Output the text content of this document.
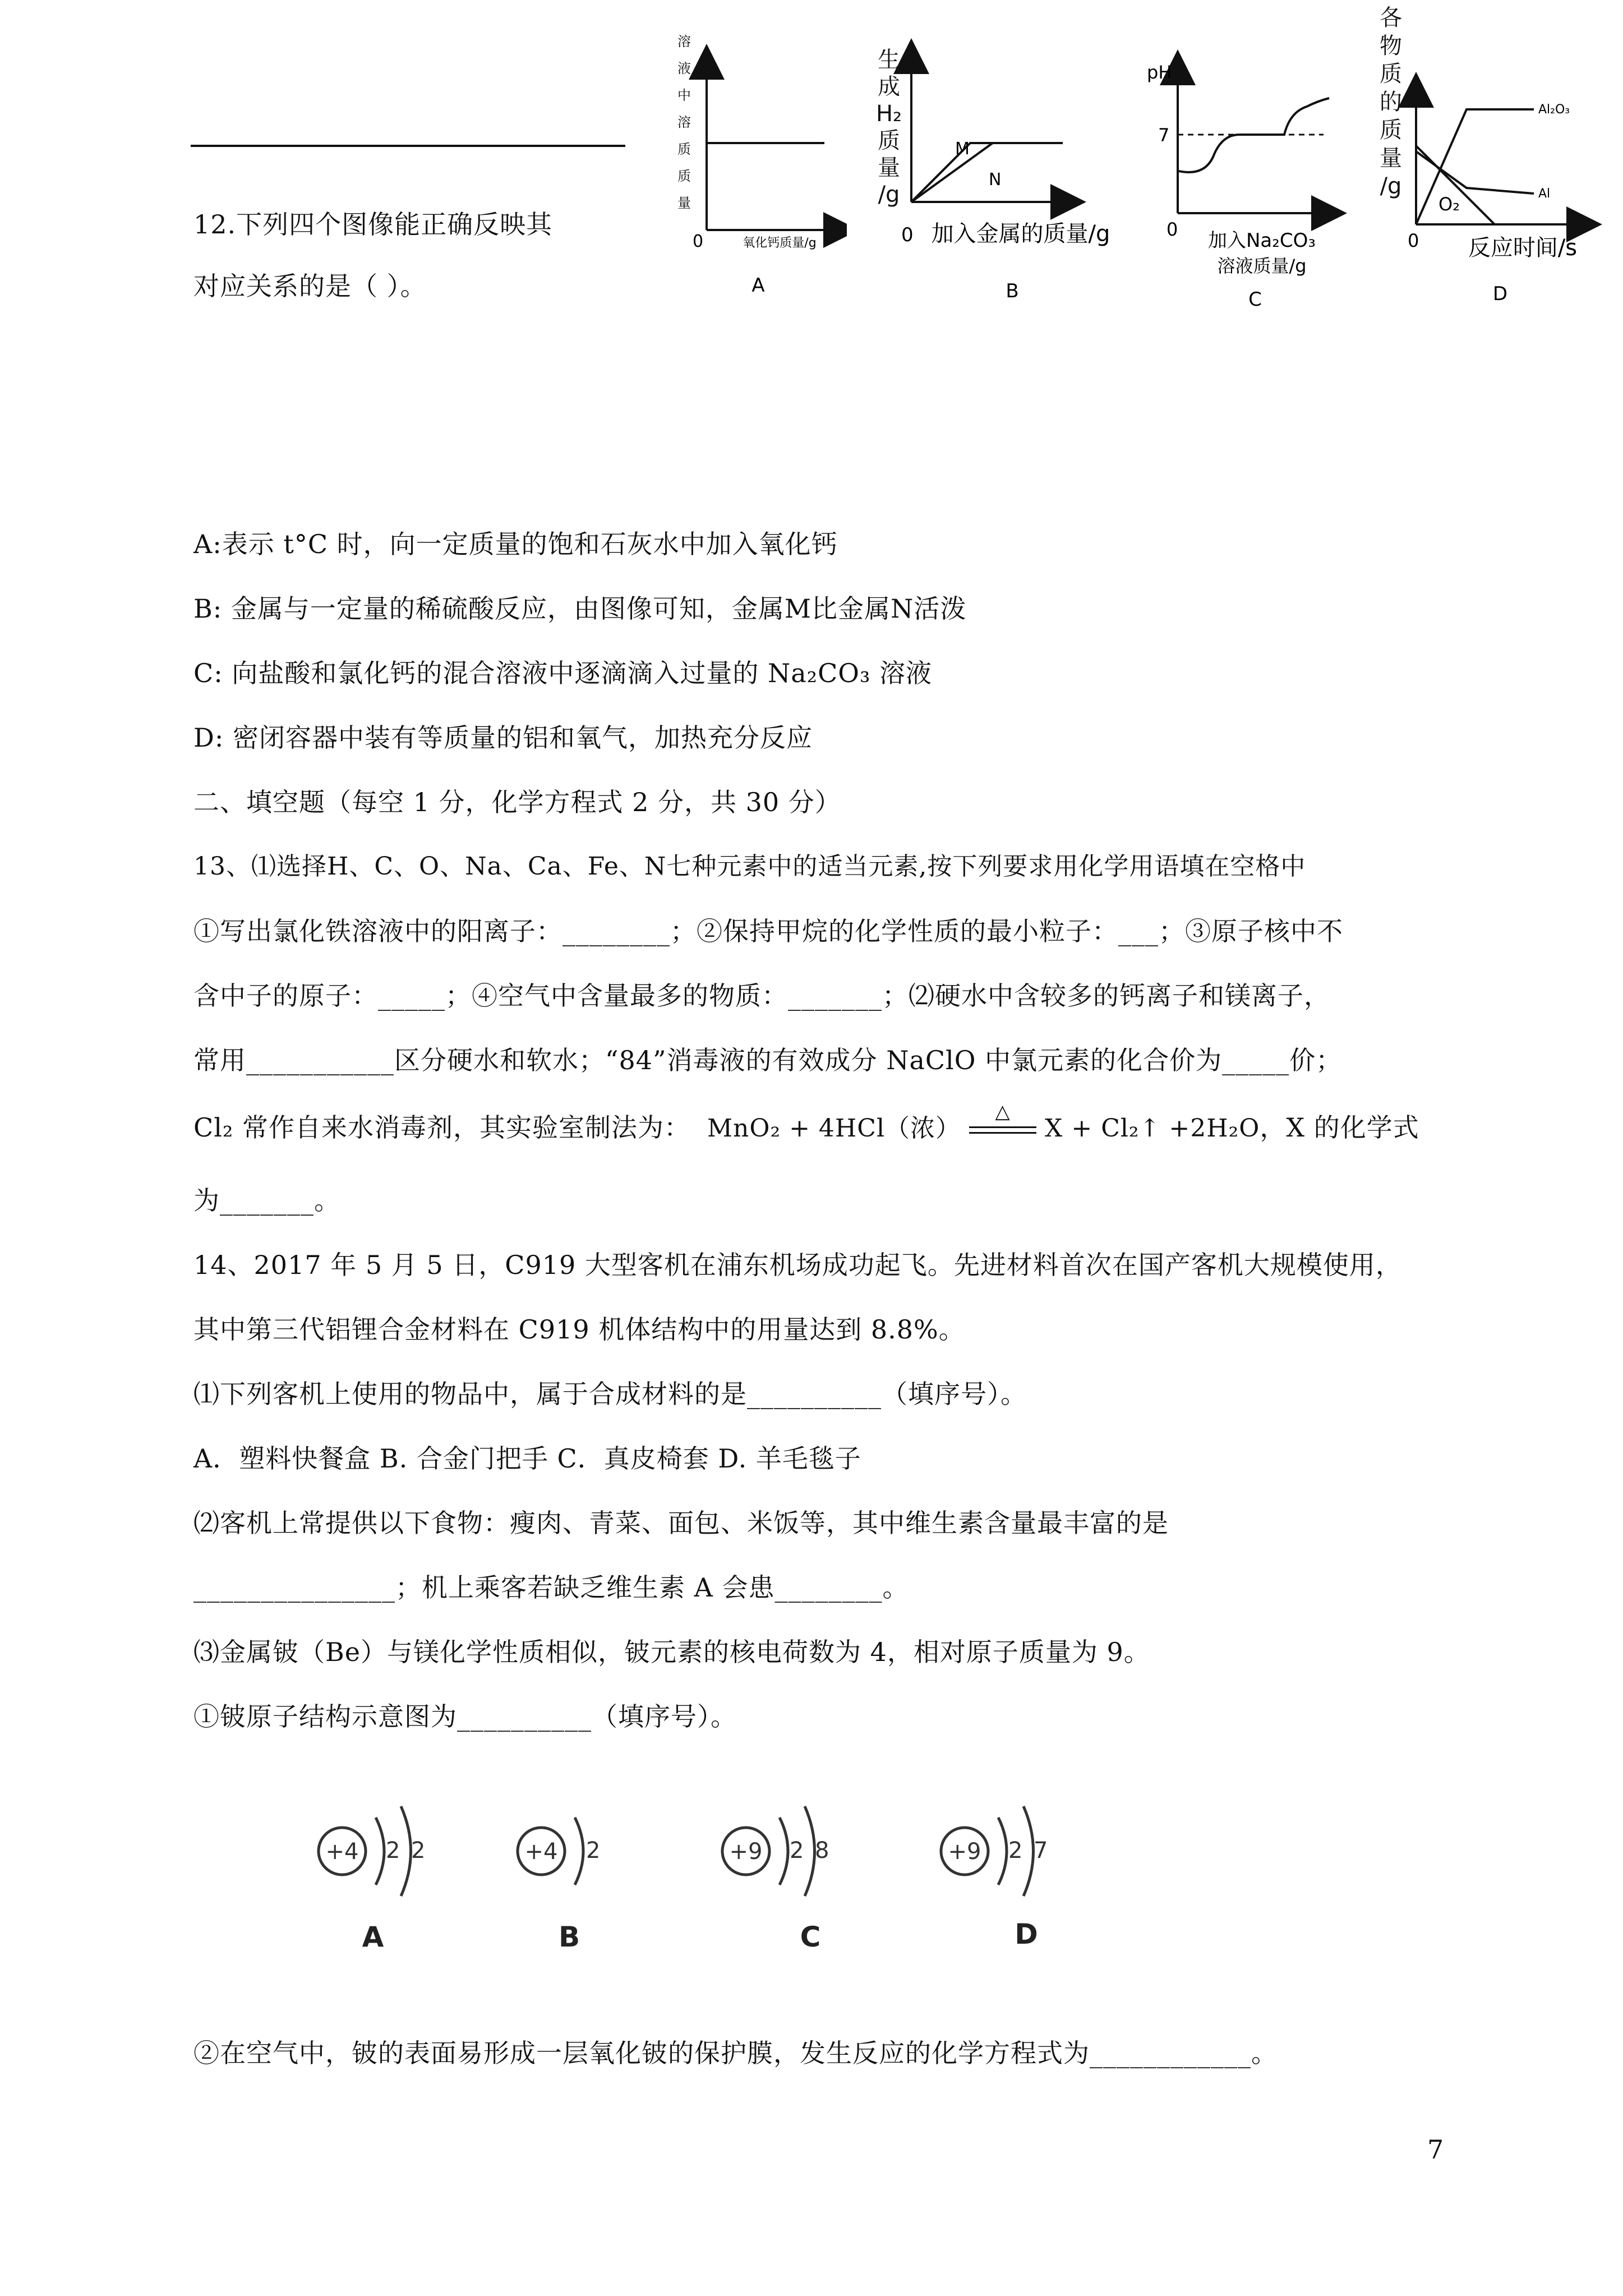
12.下列四个图像能正确反映其
对应关系的是（ ）。
溶
液
中
溶
质
质
量
0	氧化钙质量/g
A
生
成
H₂
质
量
/g
M
N
0 加入金属的质量/g
B
pH
7
0 加入Na₂CO₃
溶液质量/g
C
各
物
质
的
质
量
/g
Al₂O₃
Al
O₂
0 反应时间/s
D
A:表示 t°C 时，向一定质量的饱和石灰水中加入氧化钙
B: 金属与一定量的稀硫酸反应，由图像可知，金属M比金属N活泼
C: 向盐酸和氯化钙的混合溶液中逐滴滴入过量的 Na₂CO₃ 溶液
D: 密闭容器中装有等质量的铝和氧气，加热充分反应
二、填空题（每空 1 分，化学方程式 2 分，共 30 分）
13、⑴选择H、C、O、Na、Ca、Fe、N七种元素中的适当元素,按下列要求用化学用语填在空格中
①写出氯化铁溶液中的阳离子：________；②保持甲烷的化学性质的最小粒子：___；③原子核中不
含中子的原子：_____；④空气中含量最多的物质：_______；⑵硬水中含较多的钙离子和镁离子，
常用___________区分硬水和软水；“84”消毒液的有效成分 NaClO 中氯元素的化合价为_____价；
Cl₂ 常作自来水消毒剂，其实验室制法为： MnO₂ + 4HCl（浓）
△
X + Cl₂↑ +2H₂O，X 的化学式
为_______。
14、2017 年 5 月 5 日，C919 大型客机在浦东机场成功起飞。先进材料首次在国产客机大规模使用，
其中第三代铝锂合金材料在 C919 机体结构中的用量达到 8.8%。
⑴下列客机上使用的物品中，属于合成材料的是__________（填序号）。
A．塑料快餐盒 B. 合金门把手 C．真皮椅套 D. 羊毛毯子
⑵客机上常提供以下食物：瘦肉、青菜、面包、米饭等，其中维生素含量最丰富的是
_______________；机上乘客若缺乏维生素 A 会患________。
⑶金属铍（Be）与镁化学性质相似，铍元素的核电荷数为 4，相对原子质量为 9。
①铍原子结构示意图为__________（填序号）。
+4 2 2
A
+4 2
B
+9 2 8
C
+9 2 7
D
②在空气中，铍的表面易形成一层氧化铍的保护膜，发生反应的化学方程式为____________。
7
